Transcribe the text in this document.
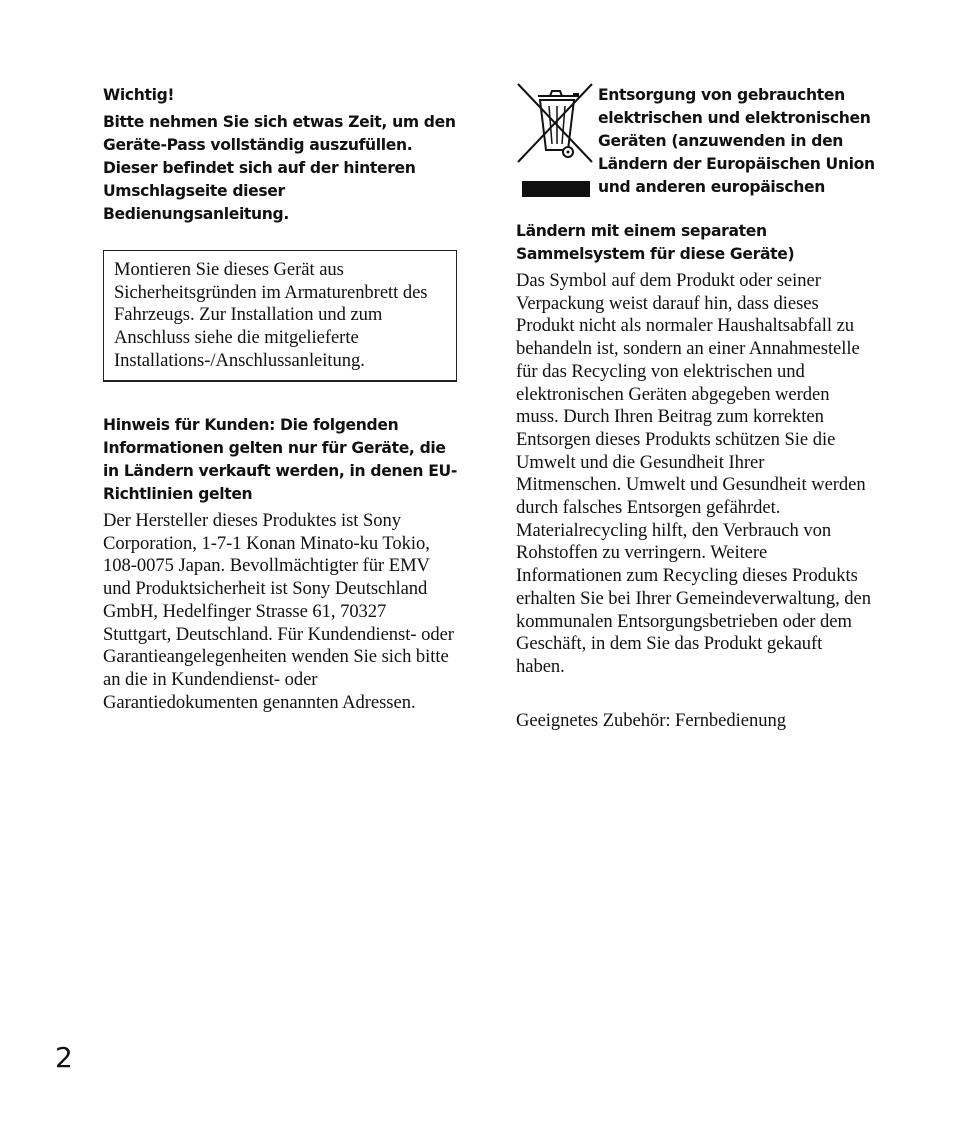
Wichtig!

Bitte nehmen Sie sich etwas Zeit, um den Geräte-Pass vollständig auszufüllen. Dieser befindet sich auf der hinteren Umschlagseite dieser Bedienungsanleitung.

Montieren Sie dieses Gerät aus Sicherheitsgründen im Armaturenbrett des Fahrzeugs. Zur Installation und zum Anschluss siehe die mitgelieferte Installations-/Anschlussanleitung.

Hinweis für Kunden: Die folgenden Informationen gelten nur für Geräte, die in Ländern verkauft werden, in denen EU-Richtlinien gelten

Der Hersteller dieses Produktes ist Sony Corporation, 1-7-1 Konan Minato-ku Tokio, 108-0075 Japan. Bevollmächtigter für EMV und Produktsicherheit ist Sony Deutschland GmbH, Hedelfinger Strasse 61, 70327 Stuttgart, Deutschland. Für Kundendienst- oder Garantieangelegenheiten wenden Sie sich bitte an die in Kundendienst- oder Garantiedokumenten genannten Adressen.

Entsorgung von gebrauchten elektrischen und elektronischen Geräten (anzuwenden in den Ländern der Europäischen Union und anderen europäischen

Ländern mit einem separaten Sammelsystem für diese Geräte)

Das Symbol auf dem Produkt oder seiner Verpackung weist darauf hin, dass dieses Produkt nicht als normaler Haushaltsabfall zu behandeln ist, sondern an einer Annahmestelle für das Recycling von elektrischen und elektronischen Geräten abgegeben werden muss. Durch Ihren Beitrag zum korrekten Entsorgen dieses Produkts schützen Sie die Umwelt und die Gesundheit Ihrer Mitmenschen. Umwelt und Gesundheit werden durch falsches Entsorgen gefährdet. Materialrecycling hilft, den Verbrauch von Rohstoffen zu verringern. Weitere Informationen zum Recycling dieses Produkts erhalten Sie bei Ihrer Gemeindeverwaltung, den kommunalen Entsorgungsbetrieben oder dem Geschäft, in dem Sie das Produkt gekauft haben.

Geeignetes Zubehör: Fernbedienung

2
